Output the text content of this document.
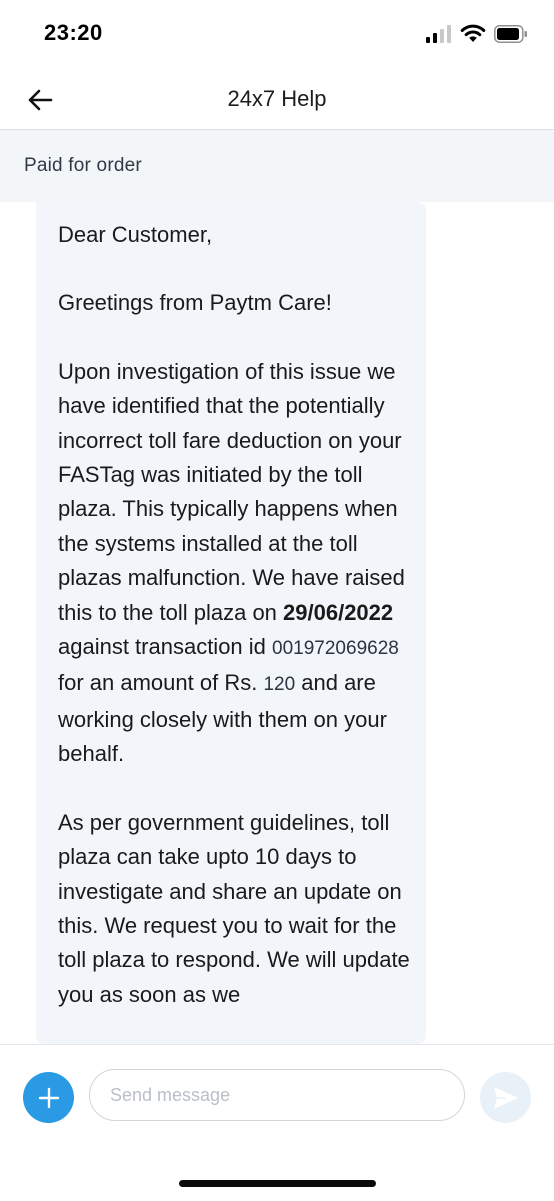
23:20
24x7 Help
Paid for order

Dear Customer,

Greetings from Paytm Care!

Upon investigation of this issue we have identified that the potentially incorrect toll fare deduction on your FASTag was initiated by the toll plaza. This typically happens when the systems installed at the toll plazas malfunction. We have raised this to the toll plaza on 29/06/2022 against transaction id 001972069628 for an amount of Rs. 120 and are working closely with them on your behalf.

As per government guidelines, toll plaza can take upto 10 days to investigate and share an update on this. We request you to wait for the toll plaza to respond. We will update you as soon as we

Send message
